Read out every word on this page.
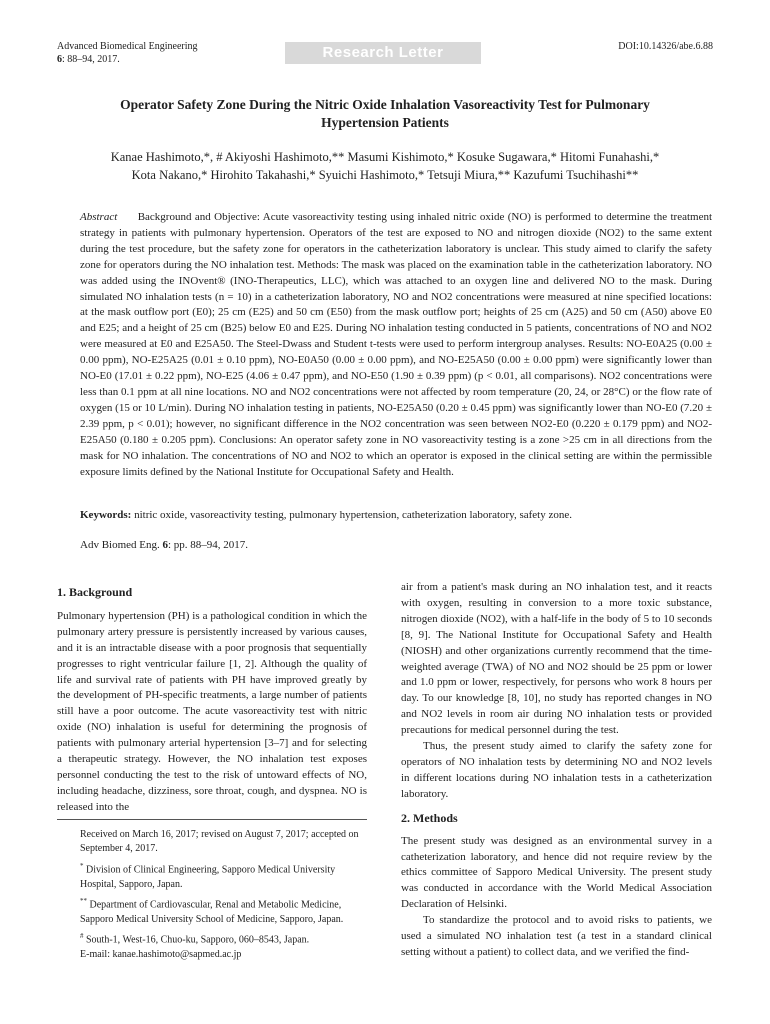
Advanced Biomedical Engineering
6: 88–94, 2017.	Research Letter	DOI:10.14326/abe.6.88
Operator Safety Zone During the Nitric Oxide Inhalation Vasoreactivity Test for Pulmonary Hypertension Patients
Kanae Hashimoto,*, # Akiyoshi Hashimoto,** Masumi Kishimoto,* Kosuke Sugawara,* Hitomi Funahashi,*
Kota Nakano,* Hirohito Takahashi,* Syuichi Hashimoto,* Tetsuji Miura,** Kazufumi Tsuchihashi**
Abstract Background and Objective: Acute vasoreactivity testing using inhaled nitric oxide (NO) is performed to determine the treatment strategy in patients with pulmonary hypertension. Operators of the test are exposed to NO and nitrogen dioxide (NO2) to the same extent during the test procedure, but the safety zone for operators in the catheterization laboratory is unclear. This study aimed to clarify the safety zone for operators during the NO inhalation test. Methods: The mask was placed on the examination table in the catheterization laboratory. NO was added using the INOvent® (INO-Therapeutics, LLC), which was attached to an oxygen line and delivered NO to the mask. During simulated NO inhalation tests (n = 10) in a catheterization laboratory, NO and NO2 concentrations were measured at nine specified locations: at the mask outflow port (E0); 25 cm (E25) and 50 cm (E50) from the mask outflow port; heights of 25 cm (A25) and 50 cm (A50) above E0 and E25; and a height of 25 cm (B25) below E0 and E25. During NO inhalation testing conducted in 5 patients, concentrations of NO and NO2 were measured at E0 and E25A50. The Steel-Dwass and Student t-tests were used to perform intergroup analyses. Results: NO-E0A25 (0.00 ± 0.00 ppm), NO-E25A25 (0.01 ± 0.10 ppm), NO-E0A50 (0.00 ± 0.00 ppm), and NO-E25A50 (0.00 ± 0.00 ppm) were significantly lower than NO-E0 (17.01 ± 0.22 ppm), NO-E25 (4.06 ± 0.47 ppm), and NO-E50 (1.90 ± 0.39 ppm) (p < 0.01, all comparisons). NO2 concentrations were less than 0.1 ppm at all nine locations. NO and NO2 concentrations were not affected by room temperature (20, 24, or 28°C) or the flow rate of oxygen (15 or 10 L/min). During NO inhalation testing in patients, NO-E25A50 (0.20 ± 0.45 ppm) was significantly lower than NO-E0 (7.20 ± 2.39 ppm, p < 0.01); however, no significant difference in the NO2 concentration was seen between NO2-E0 (0.220 ± 0.179 ppm) and NO2-E25A50 (0.180 ± 0.205 ppm). Conclusions: An operator safety zone in NO vasoreactivity testing is a zone >25 cm in all directions from the mask for NO inhalation. The concentrations of NO and NO2 to which an operator is exposed in the clinical setting are within the permissible exposure limits defined by the National Institute for Occupational Safety and Health.
Keywords: nitric oxide, vasoreactivity testing, pulmonary hypertension, catheterization laboratory, safety zone.
Adv Biomed Eng. 6: pp. 88–94, 2017.
1. Background

Pulmonary hypertension (PH) is a pathological condition in which the pulmonary artery pressure is persistently increased by various causes, and it is an intractable disease with a poor prognosis that sequentially progresses to right ventricular failure [1, 2]. Although the quality of life and survival rate of patients with PH have improved greatly by the development of PH-specific treatments, a large number of patients still have a poor outcome. The acute vasoreactivity test with nitric oxide (NO) inhalation is useful for determining the prognosis of patients with pulmonary arterial hypertension [3–7] and for selecting a therapeutic strategy. However, the NO inhalation test exposes personnel conducting the test to the risk of untoward effects of NO, including headache, dizziness, sore throat, cough, and dyspnea. NO is released into the

Received on March 16, 2017; revised on August 7, 2017; accepted on September 4, 2017.

* Division of Clinical Engineering, Sapporo Medical University Hospital, Sapporo, Japan.

** Department of Cardiovascular, Renal and Metabolic Medicine, Sapporo Medical University School of Medicine, Sapporo, Japan.

# South-1, West-16, Chuo-ku, Sapporo, 060–8543, Japan.

E-mail: kanae.hashimoto@sapmed.ac.jp

air from a patient's mask during an NO inhalation test, and it reacts with oxygen, resulting in conversion to a more toxic substance, nitrogen dioxide (NO2), with a half-life in the body of 5 to 10 seconds [8, 9]. The National Institute for Occupational Safety and Health (NIOSH) and other organizations currently recommend that the time-weighted average (TWA) of NO and NO2 should be 25 ppm or lower and 1.0 ppm or lower, respectively, for persons who work 8 hours per day. To our knowledge [8, 10], no study has reported changes in NO and NO2 levels in room air during NO inhalation tests or provided precautions for medical personnel during the test.

Thus, the present study aimed to clarify the safety zone for operators of NO inhalation tests by determining NO and NO2 levels in different locations during NO inhalation tests in a catheterization laboratory.

2. Methods

The present study was designed as an environmental survey in a catheterization laboratory, and hence did not require review by the ethics committee of Sapporo Medical University. The present study was conducted in accordance with the World Medical Association Declaration of Helsinki.

To standardize the protocol and to avoid risks to patients, we used a simulated NO inhalation test (a test in a standard clinical setting without a patient) to collect data, and we verified the find-
